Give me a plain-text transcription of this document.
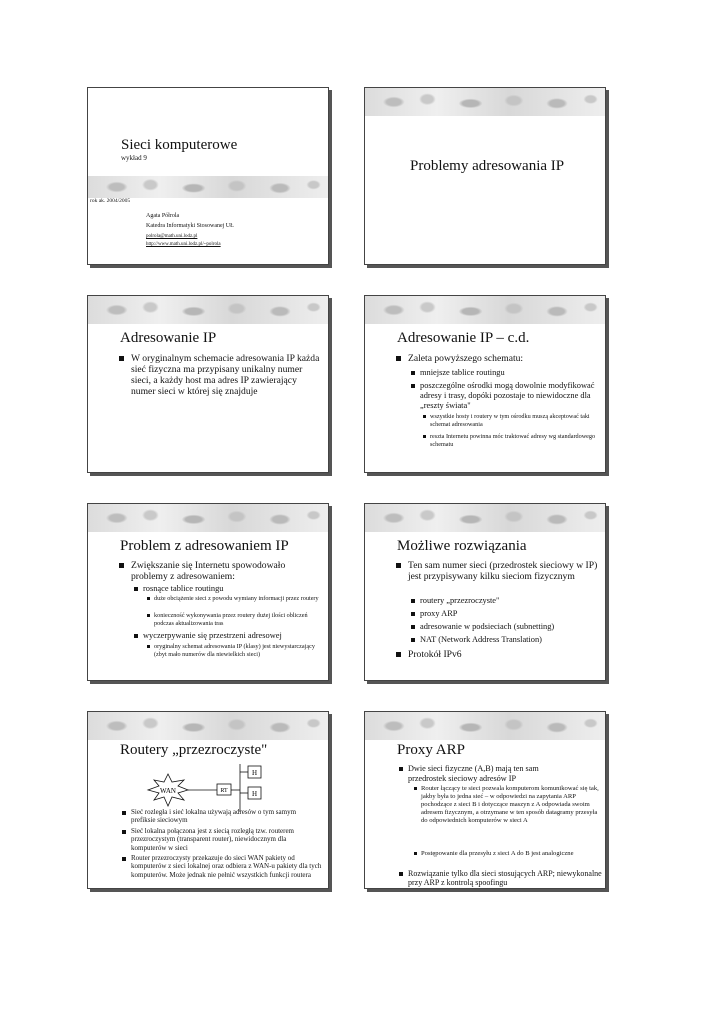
Sieci komputerowe
wykład 9
rok ak. 2004/2005
Agata Półrola
Katedra Informatyki Stosowanej UŁ
polrola@math.uni.lodz.pl
http://www.math.uni.lodz.pl/~polrola
Problemy adresowania IP
Adresowanie IP
W oryginalnym schemacie adresowania IP każda sieć fizyczna ma przypisany unikalny numer sieci, a każdy host ma adres IP zawierający numer sieci w której się znajduje
Adresowanie IP – c.d.
Zaleta powyższego schematu:
mniejsze tablice routingu
poszczególne ośrodki mogą dowolnie modyfikować adresy i trasy, dopóki pozostaje to niewidoczne dla „reszty świata"
wszystkie hosty i routery w tym ośrodku muszą akceptować taki schemat adresowania
reszta Internetu powinna móc traktować adresy wg standardowego schematu
Problem z adresowaniem IP
Zwiększanie się Internetu spowodowało problemy z adresowaniem:
rosnące tablice routingu
duże obciążenie sieci z powodu wymiany informacji przez routery
konieczność wykonywania przez routery dużej ilości obliczeń podczas aktualizowania tras
wyczerpywanie się przestrzeni adresowej
oryginalny schemat adresowania IP (klasy) jest niewystarczający (zbyt mało numerów dla niewielkich sieci)
Możliwe rozwiązania
Ten sam numer sieci (przedrostek sieciowy w IP) jest przypisywany kilku sieciom fizycznym
routery „przezroczyste"
proxy ARP
adresowanie w podsieciach (subnetting)
NAT (Network Address Translation)
Protokół IPv6
Routery „przezroczyste"
WAN	RT
H
H
Sieć rozległa i sieć lokalna używają adresów o tym samym prefiksie sieciowym
Sieć lokalna połączona jest z siecią rozległą tzw. routerem przezroczystym (transparent router), niewidocznym dla komputerów w sieci
Router przezroczysty przekazuje do sieci WAN pakiety od komputerów z sieci lokalnej oraz odbiera z WAN-u pakiety dla tych komputerów. Może jednak nie pełnić wszystkich funkcji routera
Proxy ARP
Dwie sieci fizyczne (A,B) mają ten sam przedrostek sieciowy adresów IP
Router łączący te sieci pozwala komputerom komunikować się tak, jakby była to jedna sieć – w odpowiedzi na zapytania ARP pochodzące z sieci B i dotyczące maszyn z A odpowiada swoim adresem fizycznym, a otrzymane w ten sposób datagramy przesyła do odpowiednich komputerów w sieci A
Postępowanie dla przesyłu z sieci A do B jest analogiczne
Rozwiązanie tylko dla sieci stosujących ARP; niewykonalne przy ARP z kontrolą spoofingu
